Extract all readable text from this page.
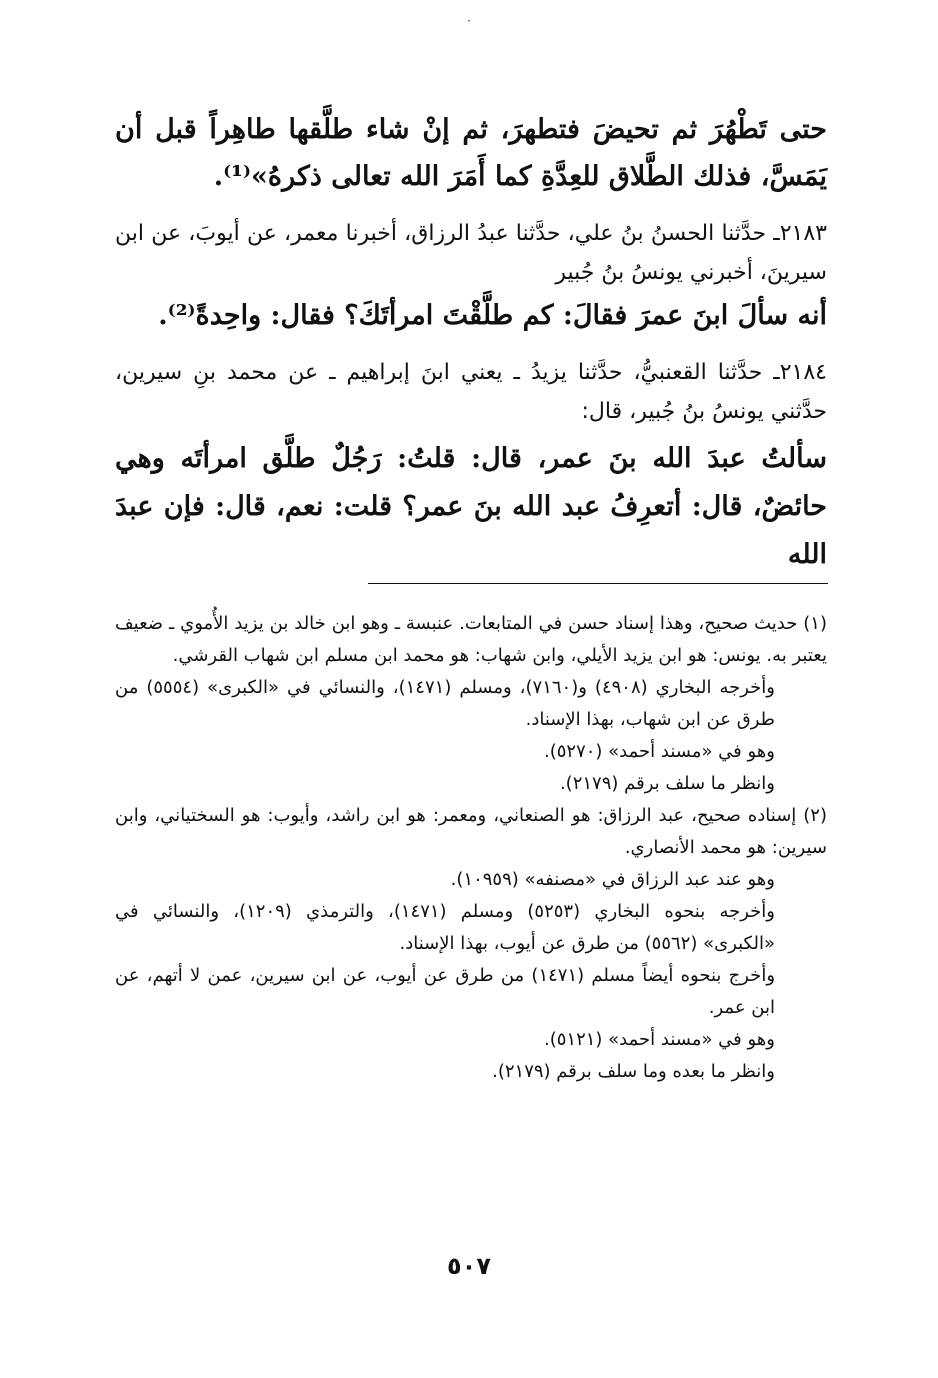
·

حتى تَطْهُرَ ثم تحيضَ فتطهرَ، ثم إنْ شاء طلَّقها طاهِراً قبل أن يَمَسَّ، فذلك الطَّلاق للعِدَّةِ كما أَمَرَ الله تعالى ذكرهُ»⁽¹⁾.

٢١٨٣ـ حدَّثنا الحسنُ بنُ علي، حدَّثنا عبدُ الرزاق، أخبرنا معمر، عن أيوبَ، عن ابن سيرينَ، أخبرني يونسُ بنُ جُبير

أنه سألَ ابنَ عمرَ فقالَ: كم طلَّقْتَ امرأتَكَ؟ فقال: واحِدةً⁽²⁾.

٢١٨٤ـ حدَّثنا القعنبيُّ، حدَّثنا يزيدُ ـ يعني ابنَ إبراهيم ـ عن محمد بنِ سيرين، حدَّثني يونسُ بنُ جُبير، قال:

سألتُ عبدَ الله بنَ عمر، قال: قلتُ: رَجُلٌ طلَّق امرأتَه وهي حائضٌ، قال: أتعرِفُ عبد الله بنَ عمر؟ قلت: نعم، قال: فإن عبدَ الله

(١) حديث صحيح، وهذا إسناد حسن في المتابعات. عنبسة ـ وهو ابن خالد بن يزيد الأُموي ـ ضعيف يعتبر به. يونس: هو ابن يزيد الأيلي، وابن شهاب: هو محمد ابن مسلم ابن شهاب القرشي.

وأخرجه البخاري (٤٩٠٨) و(٧١٦٠)، ومسلم (١٤٧١)، والنسائي في «الكبرى» (٥٥٥٤) من طرق عن ابن شهاب، بهذا الإسناد.

وهو في «مسند أحمد» (٥٢٧٠).

وانظر ما سلف برقم (٢١٧٩).

(٢) إسناده صحيح، عبد الرزاق: هو الصنعاني، ومعمر: هو ابن راشد، وأيوب: هو السختياني، وابن سيرين: هو محمد الأنصاري.

وهو عند عبد الرزاق في «مصنفه» (١٠٩٥٩).

وأخرجه بنحوه البخاري (٥٢٥٣) ومسلم (١٤٧١)، والترمذي (١٢٠٩)، والنسائي في «الكبرى» (٥٥٦٢) من طرق عن أيوب، بهذا الإسناد.

وأخرج بنحوه أيضاً مسلم (١٤٧١) من طرق عن أيوب، عن ابن سيرين، عمن لا أتهم، عن ابن عمر.

وهو في «مسند أحمد» (٥١٢١).

وانظر ما بعده وما سلف برقم (٢١٧٩).

٥٠٧
